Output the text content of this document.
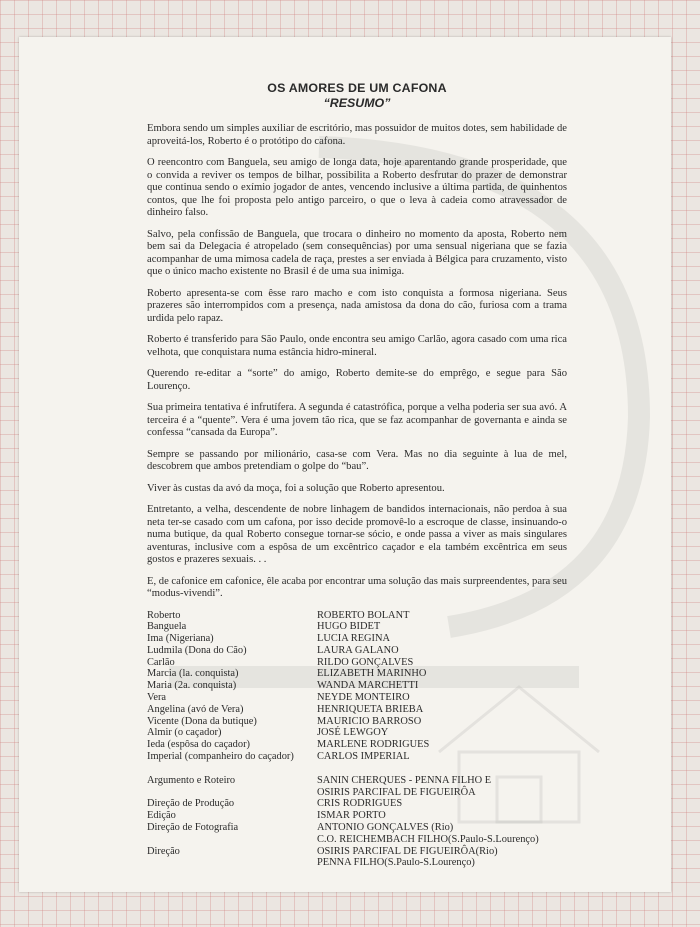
OS AMORES DE UM CAFONA
“RESUMO”

Embora sendo um simples auxiliar de escritório, mas possuidor de muitos dotes, sem habilidade de aproveitá-los, Roberto é o protótipo do cafona.

O reencontro com Banguela, seu amigo de longa data, hoje aparentando grande prosperidade, que o convida a reviver os tempos de bilhar, possibilita a Roberto desfrutar do prazer de demonstrar que continua sendo o exímio jogador de antes, vencendo inclusive a última partida, de quinhentos contos, que lhe foi proposta pelo antigo parceiro, o que o leva à cadeia como atravessador de dinheiro falso.

Salvo, pela confissão de Banguela, que trocara o dinheiro no momento da aposta, Roberto nem bem sai da Delegacia é atropelado (sem consequências) por uma sensual nigeriana que se fazia acompanhar de uma mimosa cadela de raça, prestes a ser enviada à Bélgica para cruzamento, visto que o único macho existente no Brasil é de uma sua inimiga.

Roberto apresenta-se com êsse raro macho e com isto conquista a formosa nigeriana. Seus prazeres são interrompidos com a presença, nada amistosa da dona do cão, furiosa com a trama urdida pelo rapaz.

Roberto é transferido para São Paulo, onde encontra seu amigo Carlão, agora casado com uma rica velhota, que conquistara numa estância hidro-mineral.

Querendo re-editar a “sorte” do amigo, Roberto demite-se do emprêgo, e segue para São Lourenço.

Sua primeira tentativa é infrutífera. A segunda é catastrófica, porque a velha poderia ser sua avó. A terceira é a “quente”. Vera é uma jovem tão rica, que se faz acompanhar de governanta e ainda se confessa “cansada da Europa”.

Sempre se passando por milionário, casa-se com Vera. Mas no dia seguinte à lua de mel, descobrem que ambos pretendiam o golpe do “bau”.

Viver às custas da avó da moça, foi a solução que Roberto apresentou.

Entretanto, a velha, descendente de nobre linhagem de bandidos internacionais, não perdoa à sua neta ter-se casado com um cafona, por isso decide promovê-lo a escroque de classe, insinuando-o numa butique, da qual Roberto consegue tornar-se sócio, e onde passa a viver as mais singulares aventuras, inclusive com a espôsa de um excêntrico caçador e ela também excêntrica em seus gostos e prazeres sexuais. . .

E, de cafonice em cafonice, êle acaba por encontrar uma solução das mais surpreendentes, para seu “modus-vivendi”.

Roberto	ROBERTO BOLANT
Banguela	HUGO BIDET
Ima (Nigeriana)	LUCIA REGINA
Ludmila (Dona do Cão)	LAURA GALANO
Carlão	RILDO GONÇALVES
Marcia (la. conquista)	ELIZABETH MARINHO
Maria (2a. conquista)	WANDA MARCHETTI
Vera	NEYDE MONTEIRO
Angelina (avó de Vera)	HENRIQUETA BRIEBA
Vicente (Dona da butique)	MAURICIO BARROSO
Almir (o caçador)	JOSÉ LEWGOY
Ieda (espôsa do caçador)	MARLENE RODRIGUES
Imperial (companheiro do caçador)	CARLOS IMPERIAL
Argumento e Roteiro	SANIN CHERQUES - PENNA FILHO E
OSIRIS PARCIFAL DE FIGUEIRÔA
Direção de Produção	CRIS RODRIGUES
Edição	ISMAR PORTO
Direção de Fotografia	ANTONIO GONÇALVES (Rio)
C.O. REICHEMBACH FILHO(S.Paulo-S.Lourenço)
Direção	OSIRIS PARCIFAL DE FIGUEIRÔA(Rio)
PENNA FILHO(S.Paulo-S.Lourenço)
